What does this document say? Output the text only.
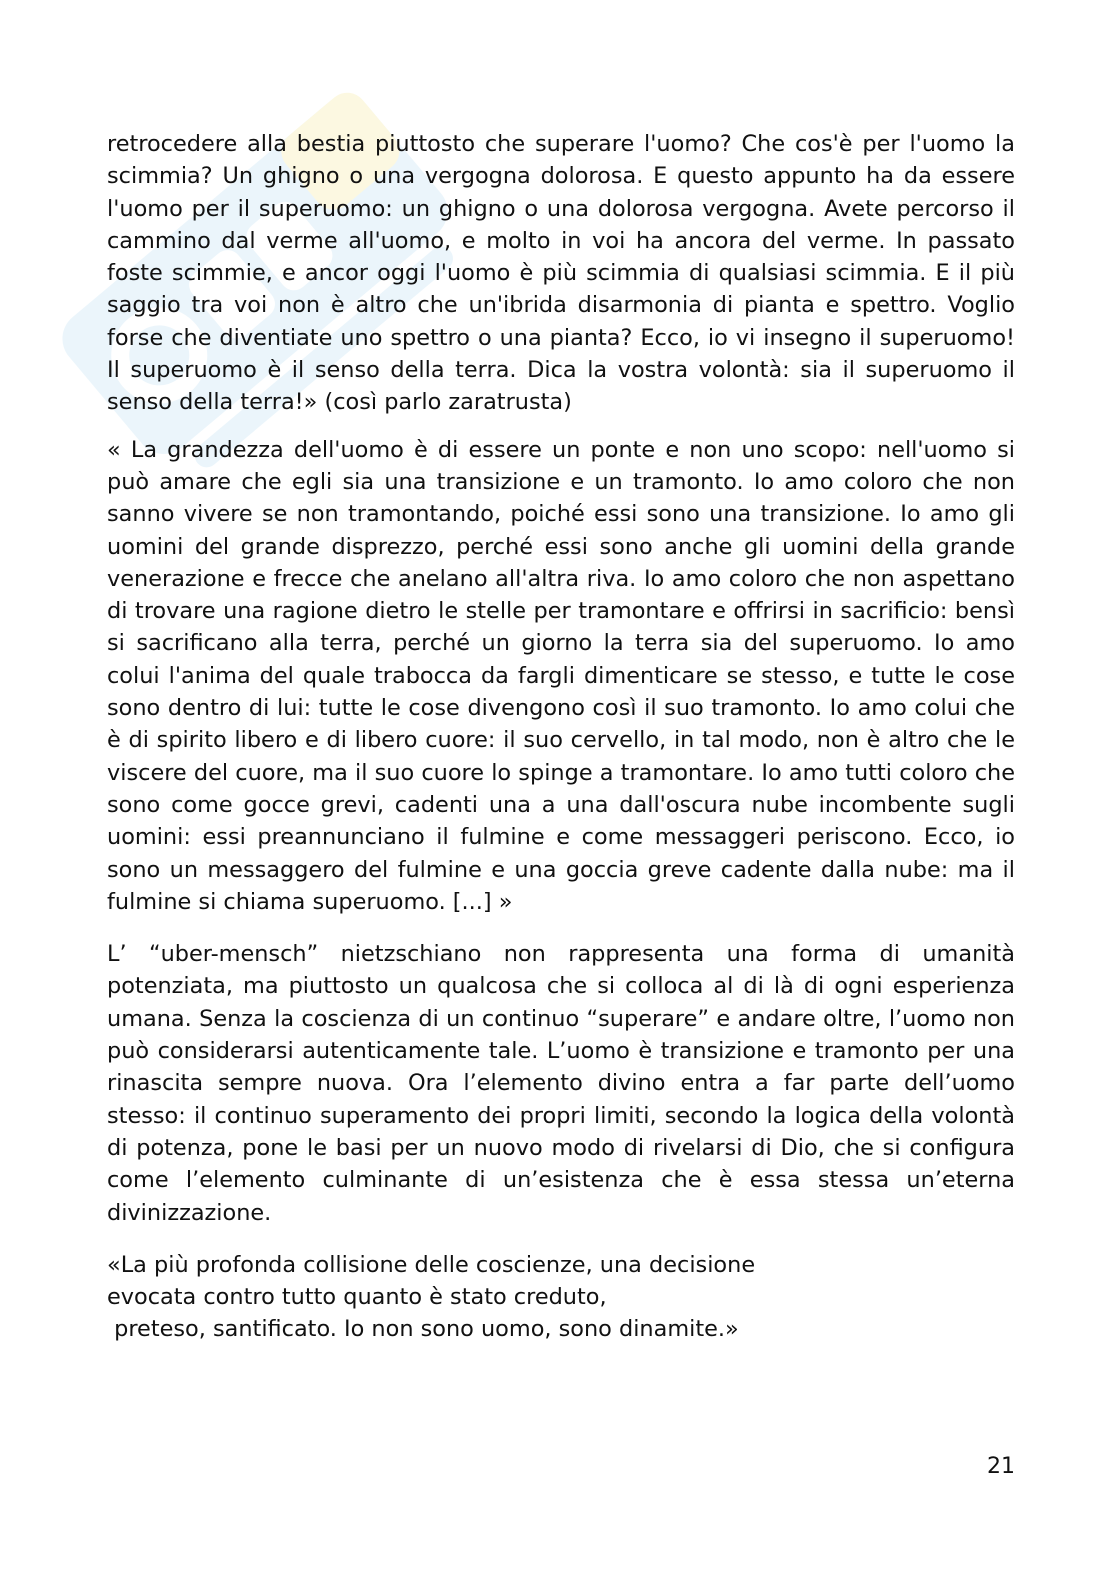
retrocedere alla bestia piuttosto che superare l'uomo? Che cos'è per l'uomo la scimmia? Un ghigno o una vergogna dolorosa. E questo appunto ha da essere l'uomo per il superuomo: un ghigno o una dolorosa vergogna. Avete percorso il cammino dal verme all'uomo, e molto in voi ha ancora del verme. In passato foste scimmie, e ancor oggi l'uomo è più scimmia di qualsiasi scimmia. E il più saggio tra voi non è altro che un'ibrida disarmonia di pianta e spettro. Voglio forse che diventiate uno spettro o una pianta? Ecco, io vi insegno il superuomo! Il superuomo è il senso della terra. Dica la vostra volontà: sia il superuomo il senso della terra!» (così parlo zaratrusta)

« La grandezza dell'uomo è di essere un ponte e non uno scopo: nell'uomo si può amare che egli sia una transizione e un tramonto. Io amo coloro che non sanno vivere se non tramontando, poiché essi sono una transizione. Io amo gli uomini del grande disprezzo, perché essi sono anche gli uomini della grande venerazione e frecce che anelano all'altra riva. Io amo coloro che non aspettano di trovare una ragione dietro le stelle per tramontare e offrirsi in sacrificio: bensì si sacrificano alla terra, perché un giorno la terra sia del superuomo. Io amo colui l'anima del quale trabocca da fargli dimenticare se stesso, e tutte le cose sono dentro di lui: tutte le cose divengono così il suo tramonto. Io amo colui che è di spirito libero e di libero cuore: il suo cervello, in tal modo, non è altro che le viscere del cuore, ma il suo cuore lo spinge a tramontare. Io amo tutti coloro che sono come gocce grevi, cadenti una a una dall'oscura nube incombente sugli uomini: essi preannunciano il fulmine e come messaggeri periscono. Ecco, io sono un messaggero del fulmine e una goccia greve cadente dalla nube: ma il fulmine si chiama superuomo. [...] »

L’ “uber-mensch” nietzschiano non rappresenta una forma di umanità potenziata, ma piuttosto un qualcosa che si colloca al di là di ogni esperienza umana. Senza la coscienza di un continuo “superare” e andare oltre, l’uomo non può considerarsi autenticamente tale. L’uomo è transizione e tramonto per una rinascita sempre nuova. Ora l’elemento divino entra a far parte dell’uomo stesso: il continuo superamento dei propri limiti, secondo la logica della volontà di potenza, pone le basi per un nuovo modo di rivelarsi di Dio, che si configura come l’elemento culminante di un’esistenza che è essa stessa un’eterna divinizzazione.

«La più profonda collisione delle coscienze, una decisione
evocata contro tutto quanto è stato creduto,
preteso, santificato. Io non sono uomo, sono dinamite.»
21
